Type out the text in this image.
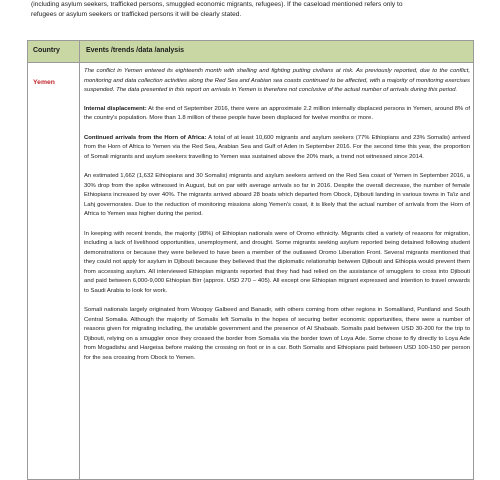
(including asylum seekers, trafficked persons, smuggled economic migrants, refugees). If the caseload mentioned refers only to
refugees or asylum seekers or trafficked persons it will be clearly stated.
Country	Events /trends /data /analysis
Yemen

The conflict in Yemen entered its eighteenth month with shelling and fighting putting civilians at risk. As previously reported, due to the conflict, monitoring and data collection activities along the Red Sea and Arabian sea coasts continued to be affected, with a majority of monitoring exercises suspended. The data presented in this report on arrivals in Yemen is therefore not conclusive of the actual number of arrivals during this period.

Internal displacement: At the end of September 2016, there were an approximate 2.2 million internally displaced persons in Yemen, around 8% of the country's population. More than 1.8 million of these people have been displaced for twelve months or more.

Continued arrivals from the Horn of Africa: A total of at least 10,600 migrants and asylum seekers (77% Ethiopians and 23% Somalis) arrived from the Horn of Africa to Yemen via the Red Sea, Arabian Sea and Gulf of Aden in September 2016. For the second time this year, the proportion of Somali migrants and asylum seekers travelling to Yemen was sustained above the 20% mark, a trend not witnessed since 2014.

An estimated 1,662 (1,632 Ethiopians and 30 Somalis) migrants and asylum seekers arrived on the Red Sea coast of Yemen in September 2016, a 30% drop from the spike witnessed in August, but on par with average arrivals so far in 2016. Despite the overall decrease, the number of female Ethiopians increased by over 40%. The migrants arrived aboard 28 boats which departed from Obock, Djibouti landing in various towns in Ta'iz and Lahj governorates. Due to the reduction of monitoring missions along Yemen's coast, it is likely that the actual number of arrivals from the Horn of Africa to Yemen was higher during the period.

In keeping with recent trends, the majority (98%) of Ethiopian nationals were of Oromo ethnicity. Migrants cited a variety of reasons for migration, including a lack of livelihood opportunities, unemployment, and drought. Some migrants seeking asylum reported being detained following student demonstrations or because they were believed to have been a member of the outlawed Oromo Liberation Front. Several migrants mentioned that they could not apply for asylum in Djibouti because they believed that the diplomatic relationship between Djibouti and Ethiopia would prevent them from accessing asylum. All interviewed Ethiopian migrants reported that they had had relied on the assistance of smugglers to cross into Djibouti and paid between 6,000-9,000 Ethiopian Birr (approx. USD 270 – 405). All except one Ethiopian migrant expressed and intention to travel onwards to Saudi Arabia to look for work.

Somali nationals largely originated from Wooqoy Galbeed and Banadir, with others coming from other regions in Somaliland, Puntland and South Central Somalia. Although the majority of Somalis left Somalia in the hopes of securing better economic opportunities, there were a number of reasons given for migrating including, the unstable government and the presence of Al Shabaab. Somalis paid between USD 30-200 for the trip to Djibouti, relying on a smuggler once they crossed the border from Somalia via the border town of Loya Ade. Some chose to fly directly to Loya Ade from Mogadishu and Hargeisa before making the crossing on foot or in a car. Both Somalis and Ethiopians paid between USD 100-150 per person for the sea crossing from Obock to Yemen.
